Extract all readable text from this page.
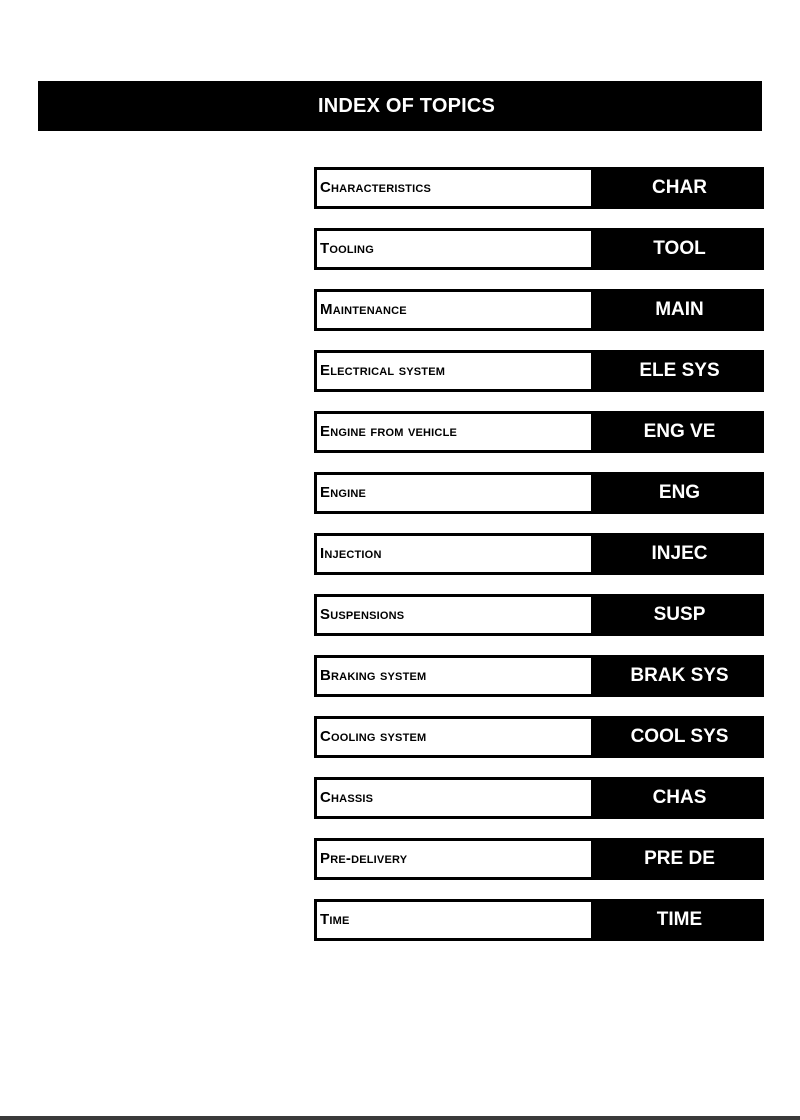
INDEX OF TOPICS
Characteristics	CHAR
Tooling	TOOL
Maintenance	MAIN
Electrical system	ELE SYS
Engine from vehicle	ENG VE
Engine	ENG
Injection	INJEC
Suspensions	SUSP
Braking system	BRAK SYS
Cooling system	COOL SYS
Chassis	CHAS
Pre-delivery	PRE DE
Time	TIME
